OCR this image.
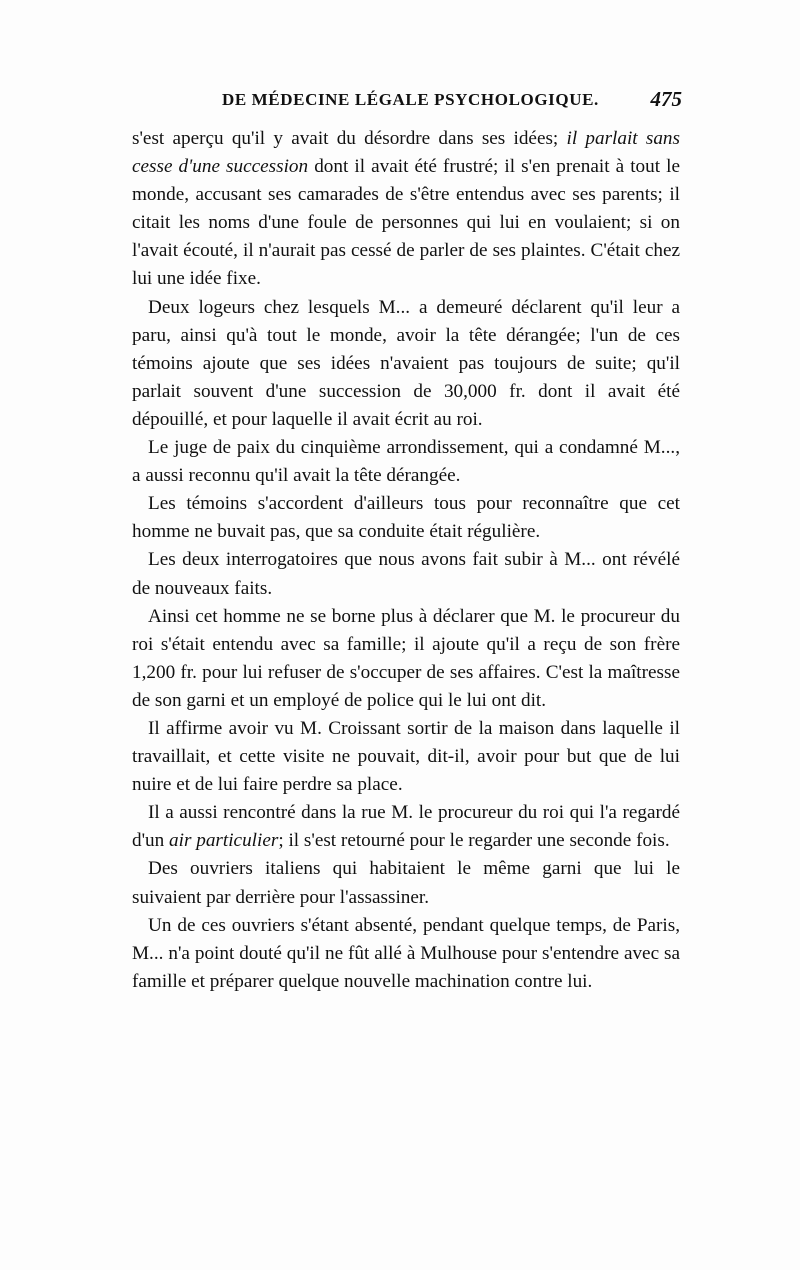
DE MÉDECINE LÉGALE PSYCHOLOGIQUE. 475

s'est aperçu qu'il y avait du désordre dans ses idées; il parlait sans cesse d'une succession dont il avait été frustré; il s'en prenait à tout le monde, accusant ses camarades de s'être entendus avec ses parents; il citait les noms d'une foule de personnes qui lui en voulaient; si on l'avait écouté, il n'aurait pas cessé de parler de ses plaintes. C'était chez lui une idée fixe.

Deux logeurs chez lesquels M... a demeuré déclarent qu'il leur a paru, ainsi qu'à tout le monde, avoir la tête dérangée; l'un de ces témoins ajoute que ses idées n'avaient pas toujours de suite; qu'il parlait souvent d'une succession de 30,000 fr. dont il avait été dépouillé, et pour laquelle il avait écrit au roi.

Le juge de paix du cinquième arrondissement, qui a condamné M..., a aussi reconnu qu'il avait la tête dérangée.

Les témoins s'accordent d'ailleurs tous pour reconnaître que cet homme ne buvait pas, que sa conduite était régulière.

Les deux interrogatoires que nous avons fait subir à M... ont révélé de nouveaux faits.

Ainsi cet homme ne se borne plus à déclarer que M. le procureur du roi s'était entendu avec sa famille; il ajoute qu'il a reçu de son frère 1,200 fr. pour lui refuser de s'occuper de ses affaires. C'est la maîtresse de son garni et un employé de police qui le lui ont dit.

Il affirme avoir vu M. Croissant sortir de la maison dans laquelle il travaillait, et cette visite ne pouvait, dit-il, avoir pour but que de lui nuire et de lui faire perdre sa place.

Il a aussi rencontré dans la rue M. le procureur du roi qui l'a regardé d'un air particulier; il s'est retourné pour le regarder une seconde fois.

Des ouvriers italiens qui habitaient le même garni que lui le suivaient par derrière pour l'assassiner.

Un de ces ouvriers s'étant absenté, pendant quelque temps, de Paris, M... n'a point douté qu'il ne fût allé à Mulhouse pour s'entendre avec sa famille et préparer quelque nouvelle machination contre lui.
